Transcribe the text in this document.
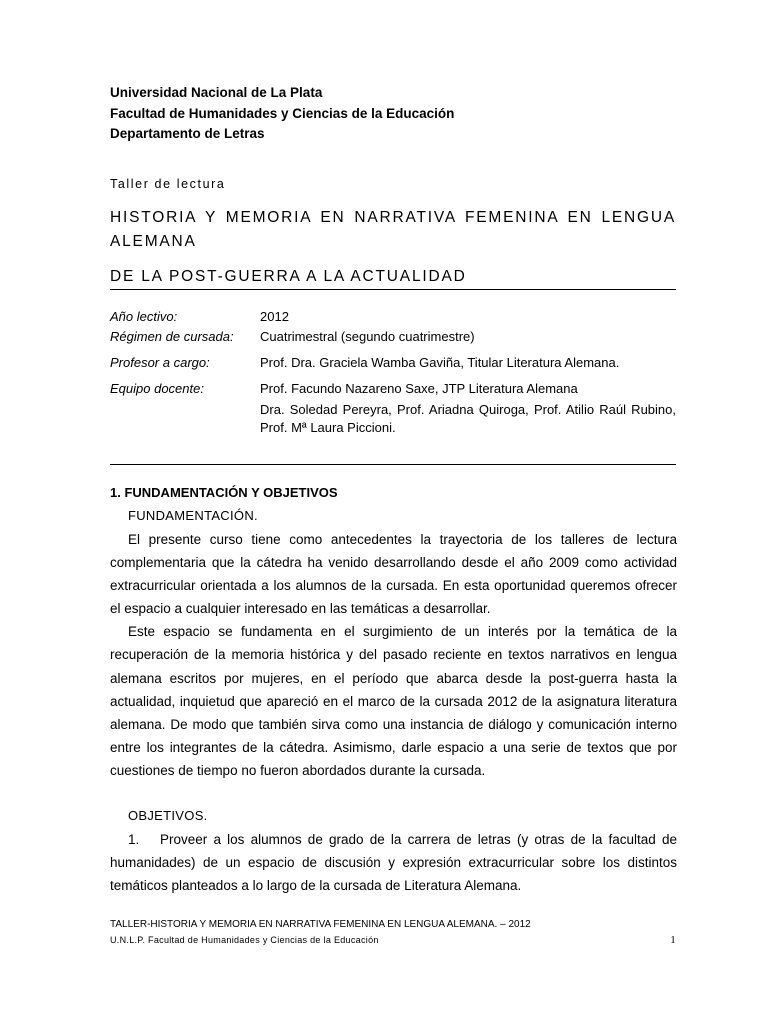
Universidad Nacional de La Plata
Facultad de Humanidades y Ciencias de la Educación
Departamento de Letras
Taller de lectura
HISTORIA Y MEMORIA EN NARRATIVA FEMENINA EN LENGUA ALEMANA
DE LA POST-GUERRA A LA ACTUALIDAD
Año lectivo:	2012
Régimen de cursada:	Cuatrimestral (segundo cuatrimestre)
Profesor a cargo:	Prof. Dra. Graciela Wamba Gaviña, Titular Literatura Alemana.
Equipo docente:	Prof. Facundo Nazareno Saxe, JTP Literatura Alemana
Dra. Soledad Pereyra, Prof. Ariadna Quiroga, Prof. Atilio Raúl Rubino, Prof. Mª Laura Piccioni.
1. FUNDAMENTACIÓN Y OBJETIVOS
FUNDAMENTACIÓN.

El presente curso tiene como antecedentes la trayectoria de los talleres de lectura complementaria que la cátedra ha venido desarrollando desde el año 2009 como actividad extracurricular orientada a los alumnos de la cursada. En esta oportunidad queremos ofrecer el espacio a cualquier interesado en las temáticas a desarrollar.

Este espacio se fundamenta en el surgimiento de un interés por la temática de la recuperación de la memoria histórica y del pasado reciente en textos narrativos en lengua alemana escritos por mujeres, en el período que abarca desde la post-guerra hasta la actualidad, inquietud que apareció en el marco de la cursada 2012 de la asignatura literatura alemana. De modo que también sirva como una instancia de diálogo y comunicación interno entre los integrantes de la cátedra. Asimismo, darle espacio a una serie de textos que por cuestiones de tiempo no fueron abordados durante la cursada.

OBJETIVOS.
1. Proveer a los alumnos de grado de la carrera de letras (y otras de la facultad de humanidades) de un espacio de discusión y expresión extracurricular sobre los distintos temáticos planteados a lo largo de la cursada de Literatura Alemana.
TALLER-HISTORIA Y MEMORIA EN NARRATIVA FEMENINA EN LENGUA ALEMANA. – 2012
U.N.L.P. Facultad de Humanidades y Ciencias de la Educación	1
